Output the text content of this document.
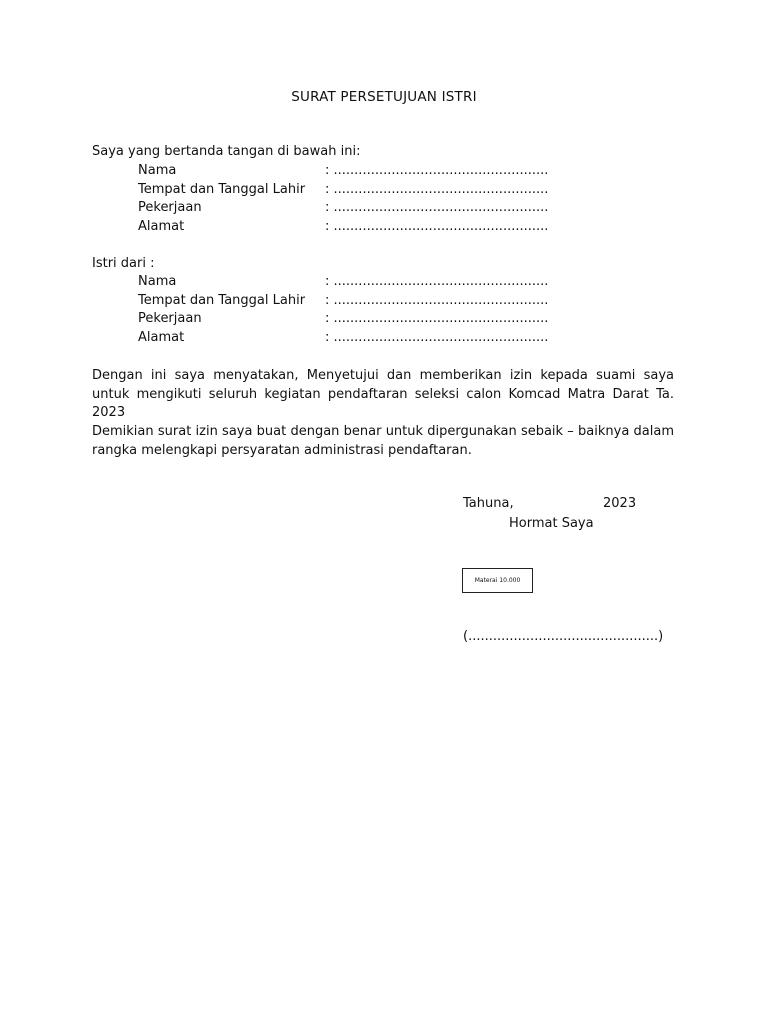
SURAT PERSETUJUAN ISTRI
Saya yang bertanda tangan di bawah ini:
Nama	: ....................................................
Tempat dan Tanggal Lahir : ....................................................
Pekerjaan	: ....................................................
Alamat	: ....................................................
Istri dari :
Nama	: ....................................................
Tempat dan Tanggal Lahir : ....................................................
Pekerjaan	: ....................................................
Alamat	: ....................................................

Dengan ini saya menyatakan, Menyetujui dan memberikan izin kepada suami saya untuk mengikuti seluruh kegiatan pendaftaran seleksi calon Komcad Matra Darat Ta. 2023

Demikian surat izin saya buat dengan benar untuk dipergunakan sebaik – baiknya dalam rangka melengkapi persyaratan administrasi pendaftaran.

Tahuna,	2023
Hormat Saya
Materai 10.000
(..............................................)
